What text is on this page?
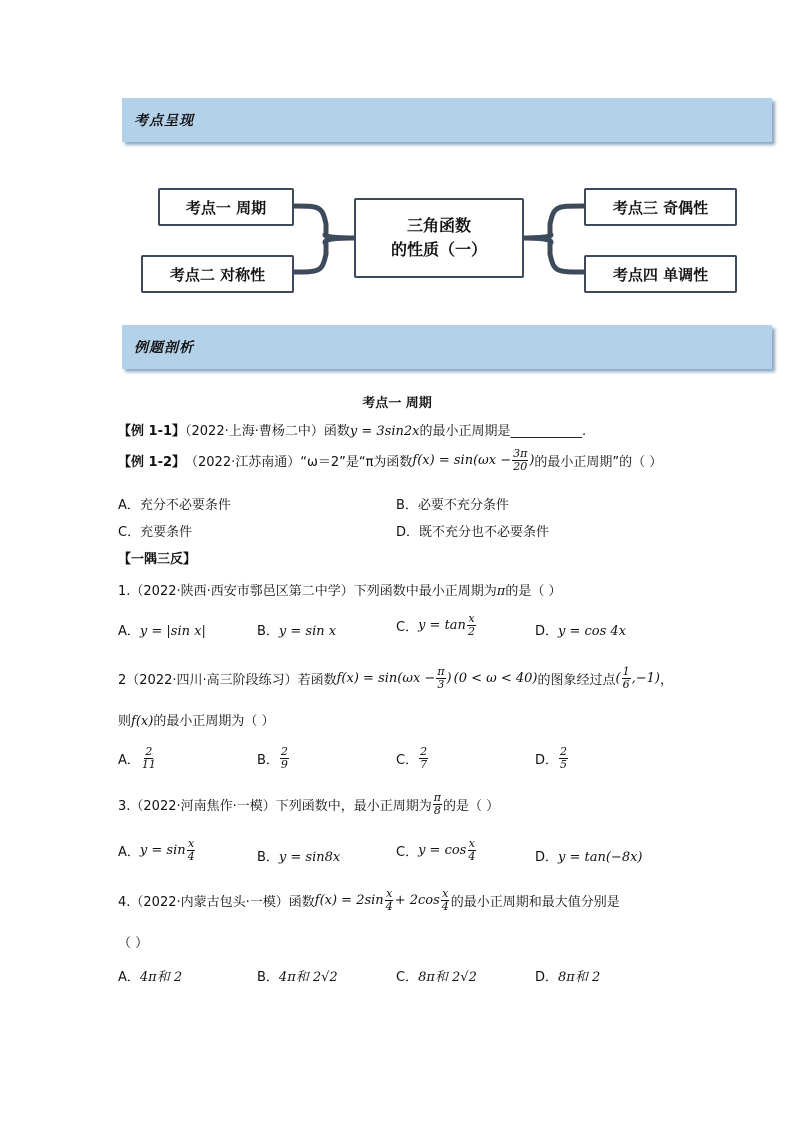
考点呈现
考点一 周期
考点二 对称性
三角函数
的性质（一）
考点三 奇偶性
考点四 单调性
例题剖析
考点一 周期
【例 1-1】（2022·上海·曹杨二中）函数y = 3sin2x的最小正周期是___________.
【例 1-2】 （2022·江苏南通）“ω＝2”是“π为函数 $f(x) = \sin(\omega x - \frac{3\pi}{20}$ ) 的最小正周期”的（ ）
A．充分不必要条件	B．必要不充分条件
C．充要条件	D．既不充分也不必要条件
【一隅三反】
1.（2022·陕西·西安市鄠邑区第二中学）下列函数中最小正周期为π的是（ ）
A．y = |sin x|	B．y = sin x	C． $y = \tan \frac{x}{2}$	D．y = cos 4x
2（2022·四川·高三阶段练习）若函数 $f(x) = \sin(\omega x - \frac{\pi}{3}$ ) (0 < ω < 40) 的图象经过点 ( $\frac{1}{6} ,-1$) ，
则f(x)的最小正周期为（ ）
A． $\frac{2}{11}$	B． $\frac{2}{9}$	C． $\frac{2}{7}$	D． $\frac{2}{5}$
3.（2022·河南焦作·一模）下列函数中，最小正周期为 $\frac{\pi}{8}$ 的是（ ）
A． $y = \sin \frac{x}{4}$	B．y = sin8x	C． $y = \cos \frac{x}{4}$	D．y = tan(−8x)
4.（2022·内蒙古包头·一模）函数 $f(x) = 2\sin \frac{x}{4} + 2\cos \frac{x}{4}$ 的最小正周期和最大值分别是
（ ）
A．4π和 2	B．4π和 2√2	C．8π和 2√2	D．8π和 2
